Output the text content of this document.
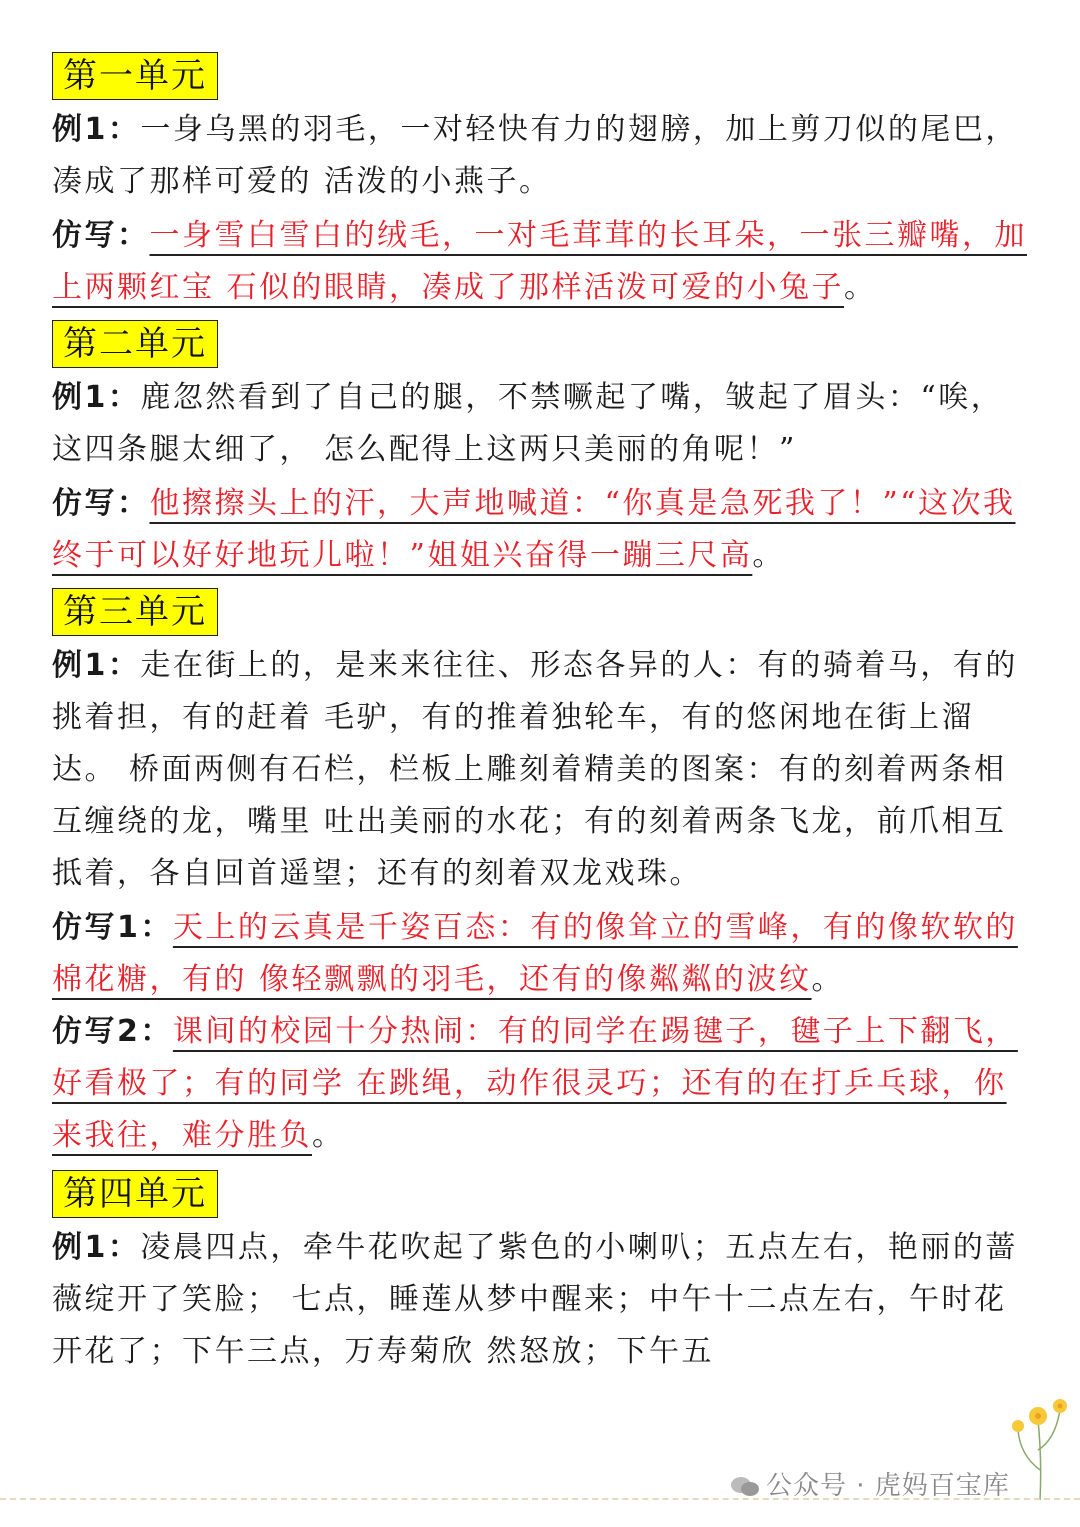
第一单元

例1：一身乌黑的羽毛，一对轻快有力的翅膀，加上剪刀似的尾巴，凑成了那样可爱的 活泼的小燕子。

仿写：一身雪白雪白的绒毛，一对毛茸茸的长耳朵，一张三瓣嘴，加上两颗红宝 石似的眼睛，凑成了那样活泼可爱的小兔子。

第二单元

例1：鹿忽然看到了自己的腿，不禁噘起了嘴，皱起了眉头：“唉，这四条腿太细了， 怎么配得上这两只美丽的角呢！”

仿写：他擦擦头上的汗，大声地喊道：“你真是急死我了！”“这次我终于可以好好地玩儿啦！”姐姐兴奋得一蹦三尺高。

第三单元

例1：走在街上的，是来来往往、形态各异的人：有的骑着马，有的挑着担，有的赶着 毛驴，有的推着独轮车，有的悠闲地在街上溜达。 桥面两侧有石栏，栏板上雕刻着精美的图案：有的刻着两条相互缠绕的龙，嘴里 吐出美丽的水花；有的刻着两条飞龙，前爪相互抵着，各自回首遥望；还有的刻着双龙戏珠。

仿写1：天上的云真是千姿百态：有的像耸立的雪峰，有的像软软的棉花糖，有的 像轻飘飘的羽毛，还有的像粼粼的波纹。

仿写2：课间的校园十分热闹：有的同学在踢毽子，毽子上下翻飞，好看极了；有的同学 在跳绳，动作很灵巧；还有的在打乒乓球，你来我往，难分胜负。

第四单元

例1：凌晨四点，牵牛花吹起了紫色的小喇叭；五点左右，艳丽的蔷薇绽开了笑脸； 七点，睡莲从梦中醒来；中午十二点左右，午时花开花了；下午三点，万寿菊欣 然怒放；下午五

公众号 · 虎妈百宝库
